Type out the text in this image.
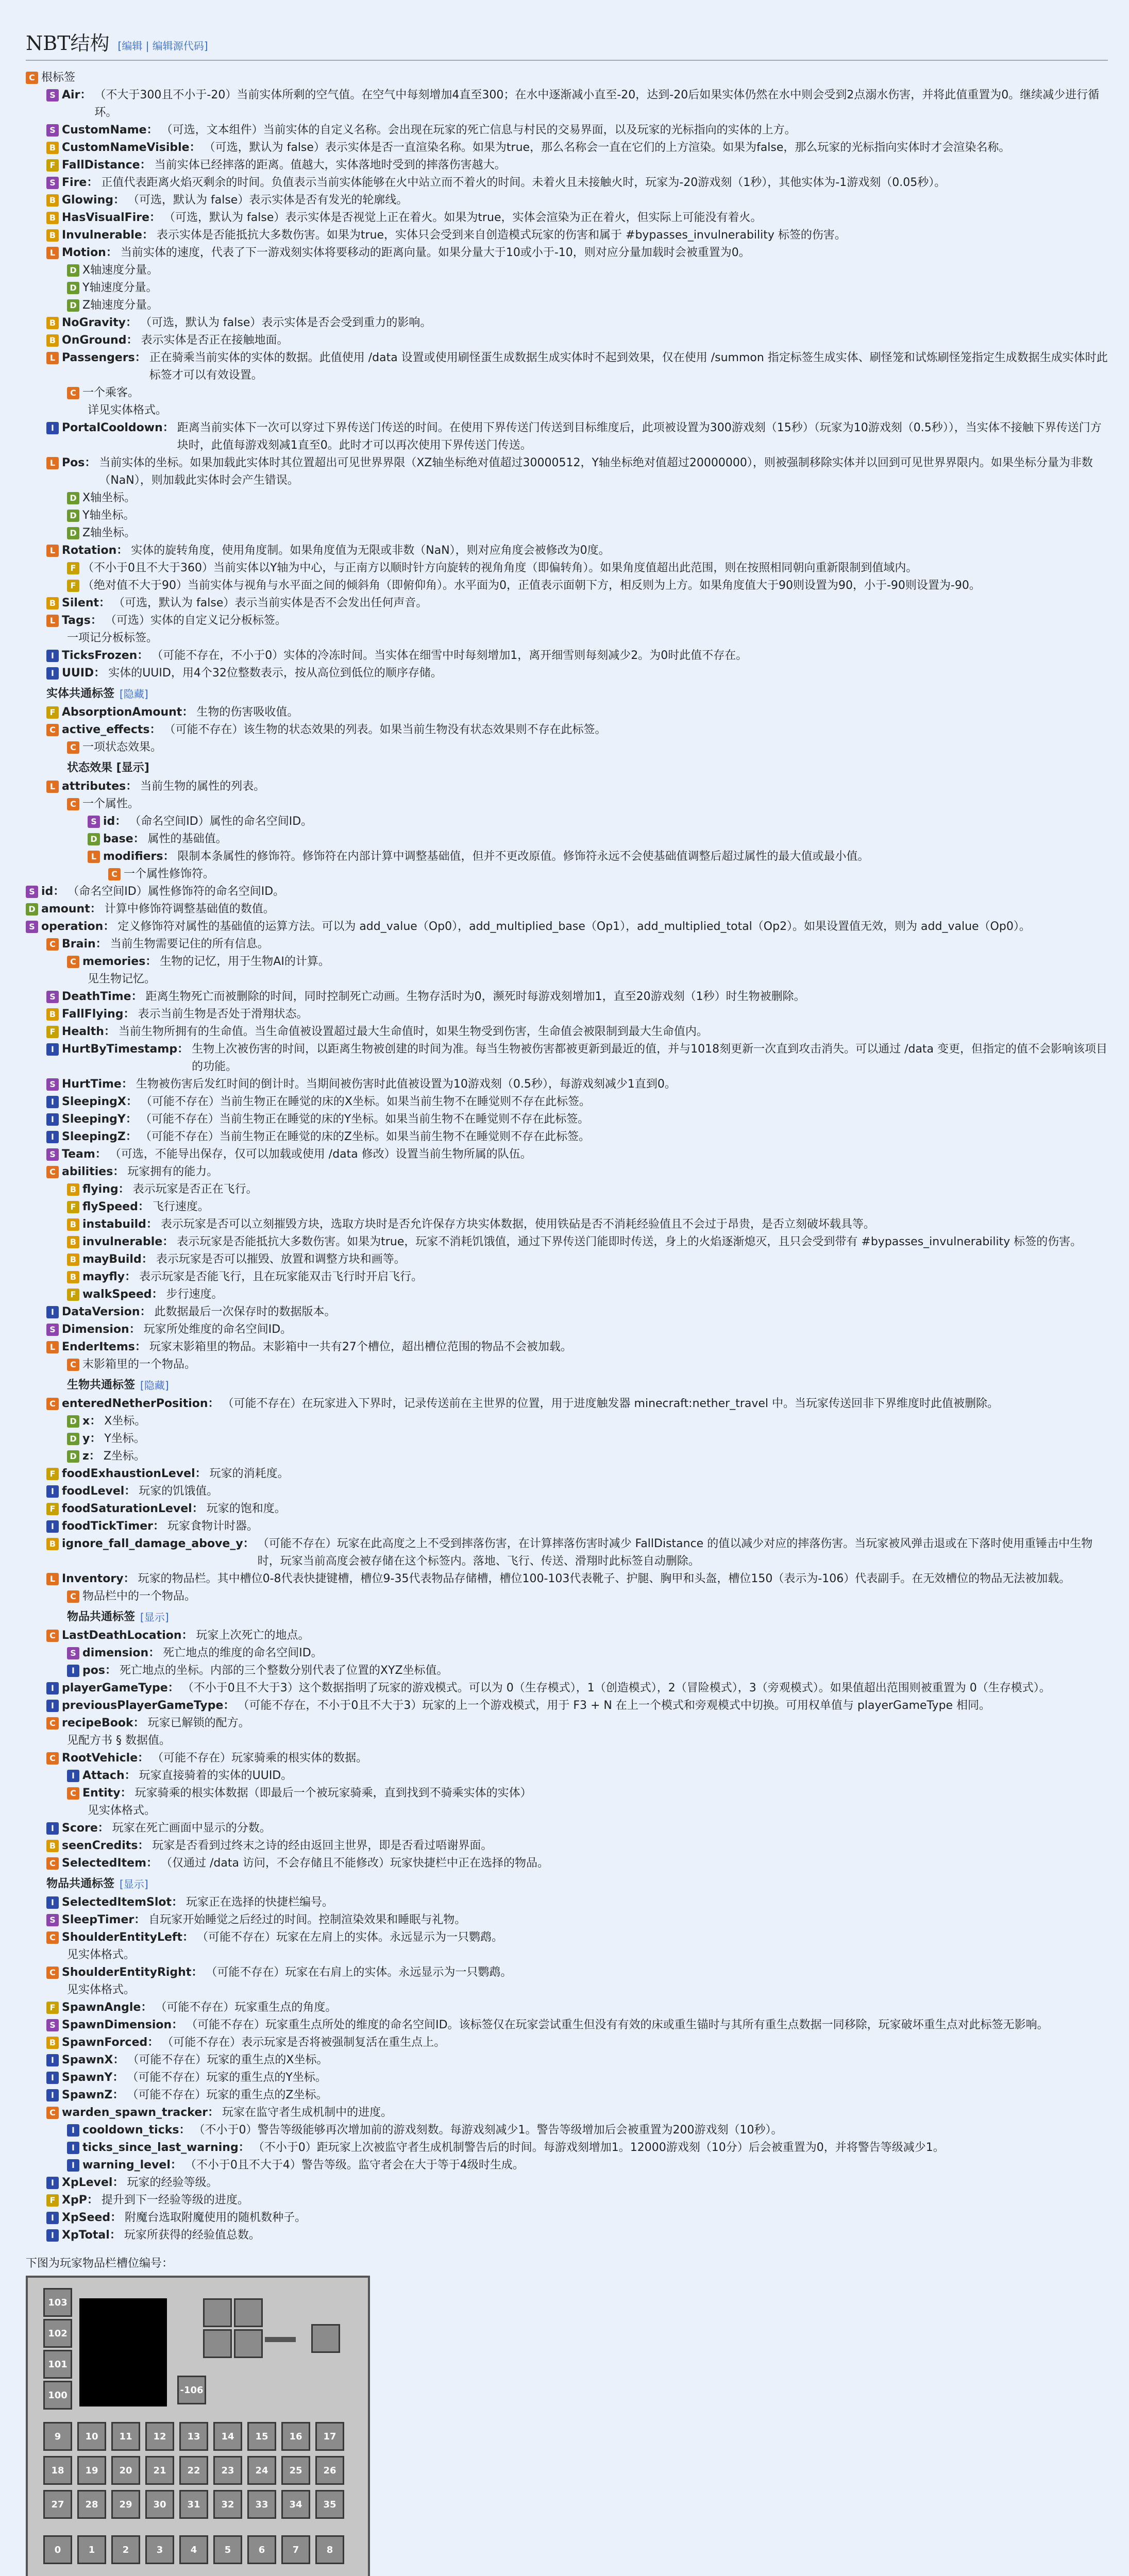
NBT结构 [编辑 | 编辑源代码]
C 根标签
S Air： （不大于300且不小于-20）当前实体所剩的空气值。在空气中每刻增加4直至300；在水中逐渐减小直至-20，达到-20后如果实体仍然在水中则会受到2点溺水伤害，并将此值重置为0。继续减少进行循环。
S CustomName： （可选，文本组件）当前实体的自定义名称。会出现在玩家的死亡信息与村民的交易界面，以及玩家的光标指向的实体的上方。
B CustomNameVisible： （可选，默认为 false）表示实体是否一直渲染名称。如果为true，那么名称会一直在它们的上方渲染。如果为false，那么玩家的光标指向实体时才会渲染名称。
F FallDistance： 当前实体已经摔落的距离。值越大，实体落地时受到的摔落伤害越大。
S Fire： 正值代表距离火焰灭剩余的时间。负值表示当前实体能够在火中站立而不着火的时间。未着火且未接触火时，玩家为-20游戏刻（1秒），其他实体为-1游戏刻（0.05秒）。
B Glowing： （可选，默认为 false）表示实体是否有发光的轮廓线。
B HasVisualFire： （可选，默认为 false）表示实体是否视觉上正在着火。如果为true，实体会渲染为正在着火，但实际上可能没有着火。
B Invulnerable： 表示实体是否能抵抗大多数伤害。如果为true，实体只会受到来自创造模式玩家的伤害和属于 #bypasses_invulnerability 标签的伤害。
L Motion： 当前实体的速度，代表了下一游戏刻实体将要移动的距离向量。如果分量大于10或小于-10，则对应分量加载时会被重置为0。
D X轴速度分量。
D Y轴速度分量。
D Z轴速度分量。
B NoGravity： （可选，默认为 false）表示实体是否会受到重力的影响。
B OnGround： 表示实体是否正在接触地面。
L Passengers： 正在骑乘当前实体的实体的数据。此值使用 /data 设置或使用刷怪蛋生成数据生成实体时不起到效果，仅在使用 /summon 指定标签生成实体、刷怪笼和试炼刷怪笼指定生成数据生成实体时此标签才可以有效设置。
C 一个乘客。
详见实体格式。
I PortalCooldown： 距离当前实体下一次可以穿过下界传送门传送的时间。在使用下界传送门传送到目标维度后，此项被设置为300游戏刻（15秒）（玩家为10游戏刻（0.5秒）），当实体不接触下界传送门方块时，此值每游戏刻减1直至0。此时才可以再次使用下界传送门传送。
L Pos： 当前实体的坐标。如果加载此实体时其位置超出可见世界界限（XZ轴坐标绝对值超过30000512，Y轴坐标绝对值超过20000000），则被强制移除实体并以回到可见世界界限内。如果坐标分量为非数（NaN），则加载此实体时会产生错误。
D X轴坐标。
D Y轴坐标。
D Z轴坐标。
L Rotation： 实体的旋转角度，使用角度制。如果角度值为无限或非数（NaN），则对应角度会被修改为0度。
F （不小于0且不大于360）当前实体以Y轴为中心，与正南方以顺时针方向旋转的视角角度（即偏转角）。如果角度值超出此范围，则在按照相同朝向重新限制到值域内。
F （绝对值不大于90）当前实体与视角与水平面之间的倾斜角（即俯仰角）。水平面为0，正值表示面朝下方，相反则为上方。如果角度值大于90则设置为90，小于-90则设置为-90。
B Silent： （可选，默认为 false）表示当前实体是否不会发出任何声音。
L Tags： （可选）实体的自定义记分板标签。
一项记分板标签。
I TicksFrozen： （可能不存在，不小于0）实体的冷冻时间。当实体在细雪中时每刻增加1，离开细雪则每刻减少2。为0时此值不存在。
I UUID： 实体的UUID，用4个32位整数表示，按从高位到低位的顺序存储。
实体共通标签 [隐藏]
F AbsorptionAmount： 生物的伤害吸收值。
C active_effects： （可能不存在）该生物的状态效果的列表。如果当前生物没有状态效果则不存在此标签。
C 一项状态效果。
状态效果 [显示]
L attributes： 当前生物的属性的列表。
C 一个属性。
S id： （命名空间ID）属性的命名空间ID。
D base： 属性的基础值。
L modifiers： 限制本条属性的修饰符。修饰符在内部计算中调整基础值，但并不更改原值。修饰符永远不会使基础值调整后超过属性的最大值或最小值。
C 一个属性修饰符。
S id： （命名空间ID）属性修饰符的命名空间ID。
D amount： 计算中修饰符调整基础值的数值。
S operation： 定义修饰符对属性的基础值的运算方法。可以为 add_value（Op0），add_multiplied_base（Op1），add_multiplied_total（Op2）。如果设置值无效，则为 add_value（Op0）。
C Brain： 当前生物需要记住的所有信息。
C memories： 生物的记忆，用于生物AI的计算。
见生物记忆。
S DeathTime： 距离生物死亡而被删除的时间，同时控制死亡动画。生物存活时为0，濒死时每游戏刻增加1，直至20游戏刻（1秒）时生物被删除。
B FallFlying： 表示当前生物是否处于滑翔状态。
F Health： 当前生物所拥有的生命值。当生命值被设置超过最大生命值时，如果生物受到伤害，生命值会被限制到最大生命值内。
I HurtByTimestamp： 生物上次被伤害的时间，以距离生物被创建的时间为准。每当生物被伤害都被更新到最近的值，并与1018刻更新一次直到攻击消失。可以通过 /data 变更，但指定的值不会影响该项目的功能。
S HurtTime： 生物被伤害后发红时间的倒计时。当期间被伤害时此值被设置为10游戏刻（0.5秒），每游戏刻减少1直到0。
I SleepingX： （可能不存在）当前生物正在睡觉的床的X坐标。如果当前生物不在睡觉则不存在此标签。
I SleepingY： （可能不存在）当前生物正在睡觉的床的Y坐标。如果当前生物不在睡觉则不存在此标签。
I SleepingZ： （可能不存在）当前生物正在睡觉的床的Z坐标。如果当前生物不在睡觉则不存在此标签。
S Team： （可选，不能导出保存，仅可以加载或使用 /data 修改）设置当前生物所属的队伍。
C abilities： 玩家拥有的能力。
B flying： 表示玩家是否正在飞行。
F flySpeed： 飞行速度。
B instabuild： 表示玩家是否可以立刻摧毁方块，选取方块时是否允许保存方块实体数据，使用铁砧是否不消耗经验值且不会过于昂贵，是否立刻破坏载具等。
B invulnerable： 表示玩家是否能抵抗大多数伤害。如果为true，玩家不消耗饥饿值，通过下界传送门能即时传送，身上的火焰逐渐熄灭，且只会受到带有 #bypasses_invulnerability 标签的伤害。
B mayBuild： 表示玩家是否可以摧毁、放置和调整方块和画等。
B mayfly： 表示玩家是否能飞行，且在玩家能双击飞行时开启飞行。
F walkSpeed： 步行速度。
I DataVersion： 此数据最后一次保存时的数据版本。
S Dimension： 玩家所处维度的命名空间ID。
L EnderItems： 玩家末影箱里的物品。末影箱中一共有27个槽位，超出槽位范围的物品不会被加载。
C 末影箱里的一个物品。
生物共通标签 [隐藏]
C enteredNetherPosition： （可能不存在）在玩家进入下界时，记录传送前在主世界的位置，用于进度触发器 minecraft:nether_travel 中。当玩家传送回非下界维度时此值被删除。
D x： X坐标。
D y： Y坐标。
D z： Z坐标。
F foodExhaustionLevel： 玩家的消耗度。
I foodLevel： 玩家的饥饿值。
F foodSaturationLevel： 玩家的饱和度。
I foodTickTimer： 玩家食物计时器。
B ignore_fall_damage_above_y： （可能不存在）玩家在此高度之上不受到摔落伤害，在计算摔落伤害时减少 FallDistance 的值以减少对应的摔落伤害。当玩家被风弹击退或在下落时使用重锤击中生物时，玩家当前高度会被存储在这个标签内。落地、飞行、传送、滑翔时此标签自动删除。
L Inventory： 玩家的物品栏。其中槽位0-8代表快捷键槽，槽位9-35代表物品存储槽，槽位100-103代表靴子、护腿、胸甲和头盔，槽位150（表示为-106）代表副手。在无效槽位的物品无法被加载。
C 物品栏中的一个物品。
物品共通标签 [显示]
C LastDeathLocation： 玩家上次死亡的地点。
S dimension： 死亡地点的维度的命名空间ID。
I pos： 死亡地点的坐标。内部的三个整数分别代表了位置的XYZ坐标值。
I playerGameType： （不小于0且不大于3）这个数据指明了玩家的游戏模式。可以为 0（生存模式），1（创造模式），2（冒险模式），3（旁观模式）。如果值超出范围则被重置为 0（生存模式）。
I previousPlayerGameType： （可能不存在，不小于0且不大于3）玩家的上一个游戏模式，用于 F3 + N 在上一个模式和旁观模式中切换。可用权单值与 playerGameType 相同。
C recipeBook： 玩家已解锁的配方。
见配方书 § 数据值。
C RootVehicle： （可能不存在）玩家骑乘的根实体的数据。
I Attach： 玩家直接骑着的实体的UUID。
C Entity： 玩家骑乘的根实体数据（即最后一个被玩家骑乘，直到找到不骑乘实体的实体）
见实体格式。
I Score： 玩家在死亡画面中显示的分数。
B seenCredits： 玩家是否看到过终末之诗的经由返回主世界，即是否看过唔谢界面。
C SelectedItem： （仅通过 /data 访问，不会存储且不能修改）玩家快捷栏中正在选择的物品。
物品共通标签 [显示]
I SelectedItemSlot： 玩家正在选择的快捷栏编号。
S SleepTimer： 自玩家开始睡觉之后经过的时间。控制渲染效果和睡眠与礼物。
C ShoulderEntityLeft： （可能不存在）玩家在左肩上的实体。永远显示为一只鹦鹉。
见实体格式。
C ShoulderEntityRight： （可能不存在）玩家在右肩上的实体。永远显示为一只鹦鹉。
见实体格式。
F SpawnAngle： （可能不存在）玩家重生点的角度。
S SpawnDimension： （可能不存在）玩家重生点所处的维度的命名空间ID。该标签仅在玩家尝试重生但没有有效的床或重生锚时与其所有重生点数据一同移除，玩家破坏重生点对此标签无影响。
B SpawnForced： （可能不存在）表示玩家是否将被强制复活在重生点上。
I SpawnX： （可能不存在）玩家的重生点的X坐标。
I SpawnY： （可能不存在）玩家的重生点的Y坐标。
I SpawnZ： （可能不存在）玩家的重生点的Z坐标。
C warden_spawn_tracker： 玩家在监守者生成机制中的进度。
I cooldown_ticks： （不小于0）警告等级能够再次增加前的游戏刻数。每游戏刻减少1。警告等级增加后会被重置为200游戏刻（10秒）。
I ticks_since_last_warning： （不小于0）距玩家上次被监守者生成机制警告后的时间。每游戏刻增加1。12000游戏刻（10分）后会被重置为0，并将警告等级减少1。
I warning_level： （不小于0且不大于4）警告等级。监守者会在大于等于4级时生成。
I XpLevel： 玩家的经验等级。
F XpP： 提升到下一经验等级的进度。
I XpSeed： 附魔台选取附魔使用的随机数种子。
I XpTotal： 玩家所获得的经验值总数。
下图为玩家物品栏槽位编号：
103
102
101
100	-106
9	10	11	12	13	14	15	16	17
18	19	20	21	22	23	24	25	26
27	28	29	30	31	32	33	34	35
0	1	2	3	4	5	6	7	8
